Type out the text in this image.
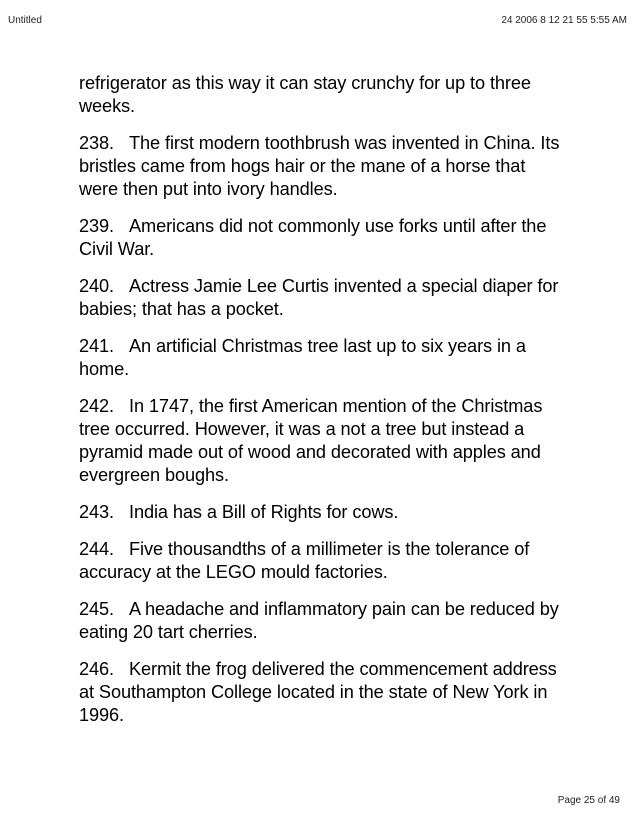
Untitled	24 2006 8 12 21 55 5:55 AM

refrigerator as this way it can stay crunchy for up to three weeks.

238. The first modern toothbrush was invented in China. Its bristles came from hogs hair or the mane of a horse that were then put into ivory handles.

239. Americans did not commonly use forks until after the Civil War.

240. Actress Jamie Lee Curtis invented a special diaper for babies; that has a pocket.

241. An artificial Christmas tree last up to six years in a home.

242. In 1747, the first American mention of the Christmas tree occurred. However, it was a not a tree but instead a pyramid made out of wood and decorated with apples and evergreen boughs.

243. India has a Bill of Rights for cows.

244. Five thousandths of a millimeter is the tolerance of accuracy at the LEGO mould factories.

245. A headache and inflammatory pain can be reduced by eating 20 tart cherries.

246. Kermit the frog delivered the commencement address at Southampton College located in the state of New York in 1996.

Page 25 of 49
